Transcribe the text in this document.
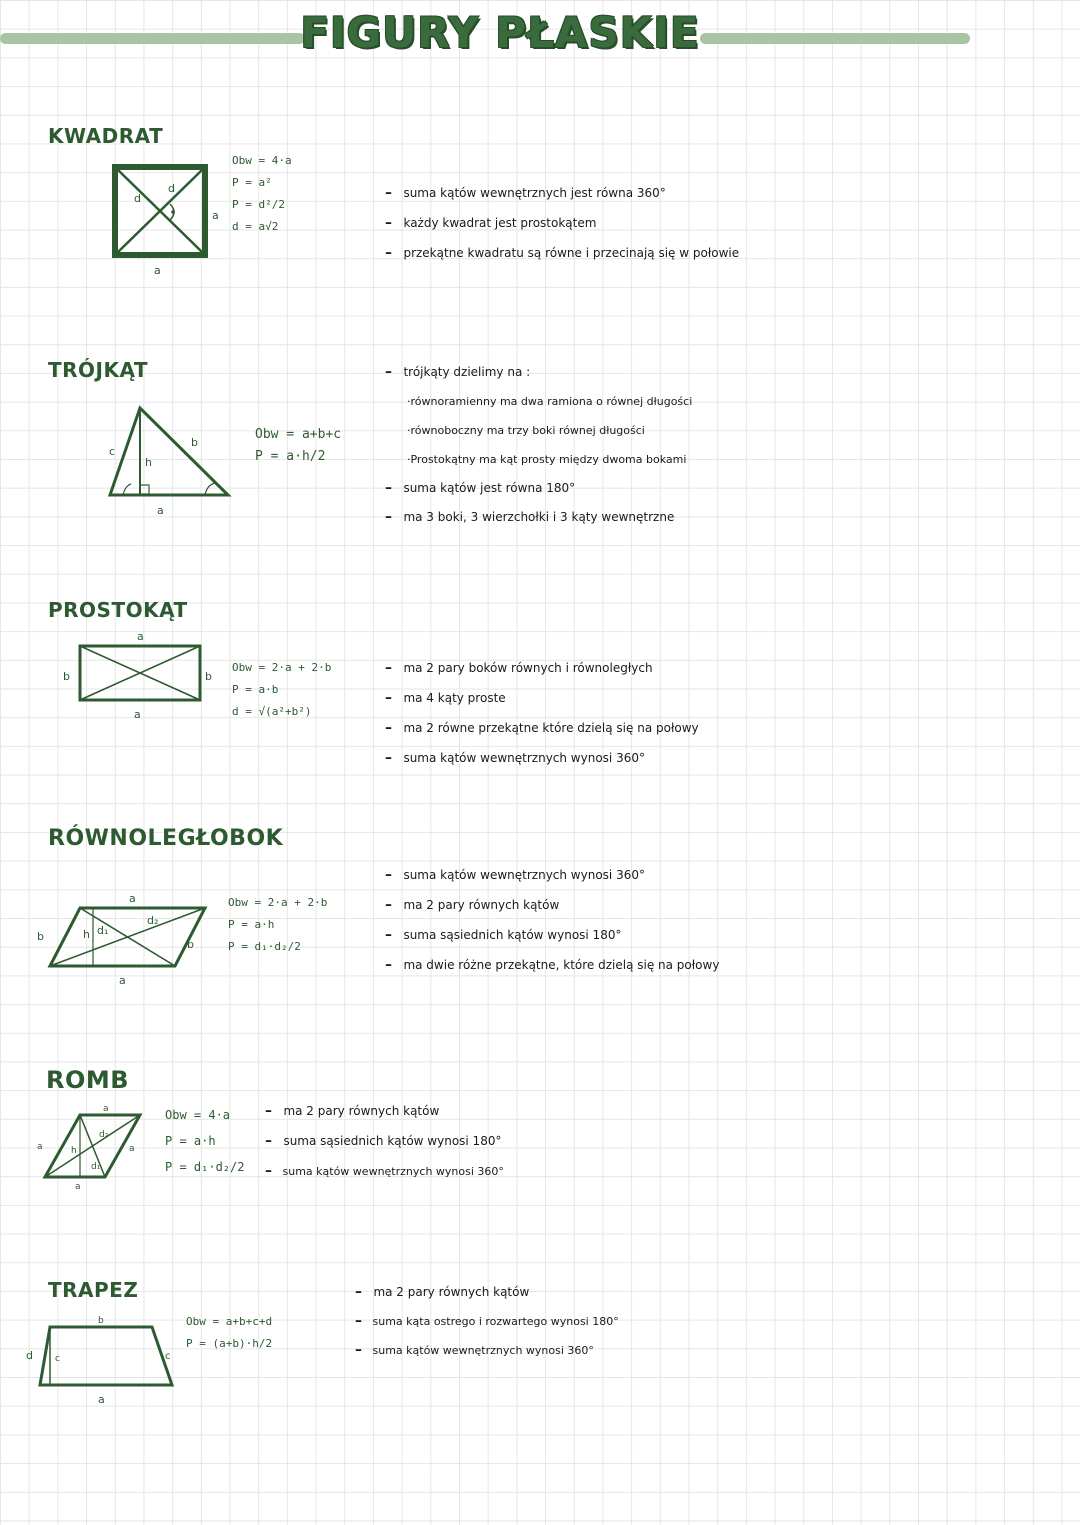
FIGURY PŁASKIE
KWADRAT
d
d
a
a
Obw = 4·a
P = a²
P = d²/2
d = a√2
– suma kątów wewnętrznych jest równa 360°
– każdy kwadrat jest prostokątem
– przekątne kwadratu są równe i przecinają się w połowie
TRÓJKĄT
c
h
b
a
Obw = a+b+c
P = a·h/2
– trójkąty dzielimy na :
·równoramienny ma dwa ramiona o równej długości
·równoboczny ma trzy boki równej długości
·Prostokątny ma kąt prosty między dwoma bokami
– suma kątów jest równa 180°
– ma 3 boki, 3 wierzchołki i 3 kąty wewnętrzne
PROSTOKĄT
a
b	b
a
Obw = 2·a + 2·b
P = a·b
d = √(a²+b²)
– ma 2 pary boków równych i równoległych
– ma 4 kąty proste
– ma 2 równe przekątne które dzielą się na połowy
– suma kątów wewnętrznych wynosi 360°
RÓWNOLEGŁOBOK
a
b	h d₁
d₂
b
a
Obw = 2·a + 2·b
P = a·h
P = d₁·d₂/2
– suma kątów wewnętrznych wynosi 360°
– ma 2 pary równych kątów
– suma sąsiednich kątów wynosi 180°
– ma dwie różne przekątne, które dzielą się na połowy
ROMB
a
a	h
d₁
d₂
a
a
Obw = 4·a
P = a·h
P = d₁·d₂/2
– ma 2 pary równych kątów
– suma sąsiednich kątów wynosi 180°
– suma kątów wewnętrznych wynosi 360°
TRAPEZ
b
d c	c
a
Obw = a+b+c+d
P = (a+b)·h/2
– ma 2 pary równych kątów
– suma kąta ostrego i rozwartego wynosi 180°
– suma kątów wewnętrznych wynosi 360°
